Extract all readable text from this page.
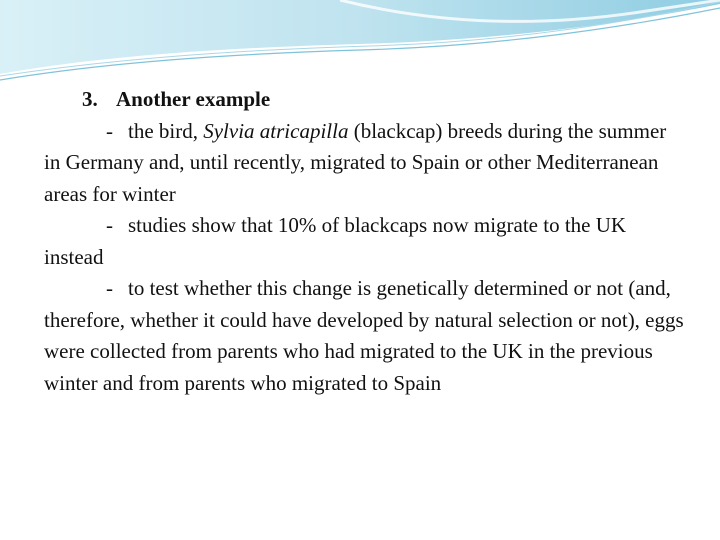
3. Another example

- the bird, Sylvia atricapilla (blackcap) breeds during the summer in Germany and, until recently, migrated to Spain or other Mediterranean areas for winter

- studies show that 10% of blackcaps now migrate to the UK instead

- to test whether this change is genetically determined or not (and, therefore, whether it could have developed by natural selection or not), eggs were collected from parents who had migrated to the UK in the previous winter and from parents who migrated to Spain
